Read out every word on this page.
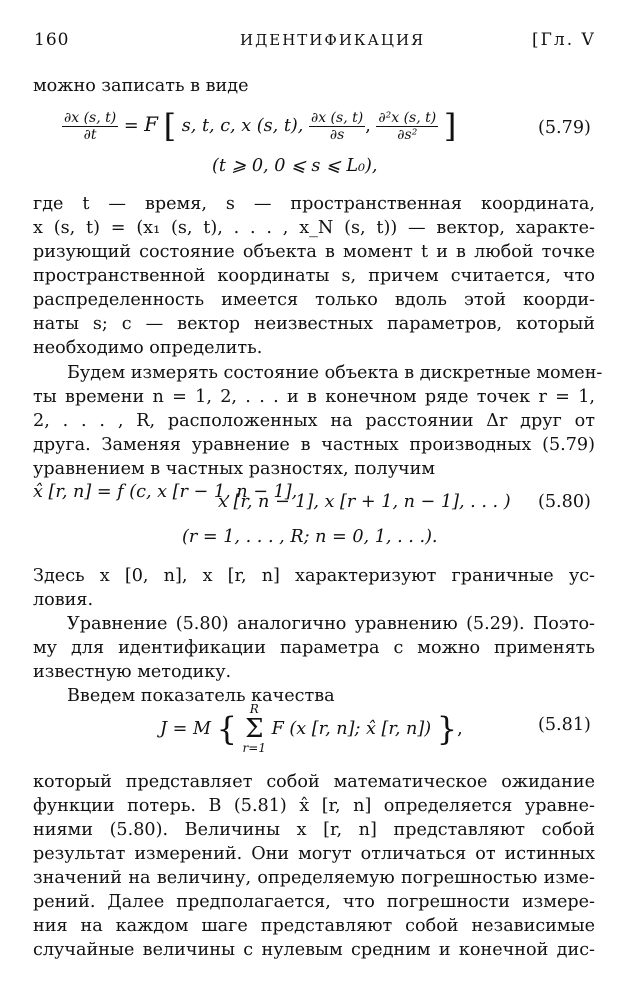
160	ИДЕНТИФИКАЦИЯ	[Гл. V
можно записать в виде
$\frac{\partial x (s, t)}{\partial t} = F$ [ s, t, c, x (s, t), $\frac{\partial x (s, t)}{\partial s}$ , $\frac{\text{∂²x (s, t)}}{\text{∂s²}}$ ]	(5.79)
(t ⩾ 0, 0 ⩽ s ⩽ L₀),
где t — время, s — пространственная координата,
x (s, t) = (x₁ (s, t), . . . , x_N (s, t)) — вектор, характе-
ризующий состояние объекта в момент t и в любой точке
пространственной координаты s, причем считается, что
распределенность имеется только вдоль этой коорди-
наты s; c — вектор неизвестных параметров, который
необходимо определить.
Будем измерять состояние объекта в дискретные момен-
ты времени n = 1, 2, . . . и в конечном ряде точек r = 1,
2, . . . , R, расположенных на расстоянии Δr друг от
друга. Заменяя уравнение в частных производных (5.79)
уравнением в частных разностях, получим
x̂ [r, n] = f (c, x [r − 1, n − 1],
x [r, n − 1], x [r + 1, n − 1], . . . ) (5.80)
(r = 1, . . . , R; n = 0, 1, . . .).
Здесь x [0, n], x [r, n] характеризуют граничные ус-
ловия.
Уравнение (5.80) аналогично уравнению (5.29). Поэто-
му для идентификации параметра c можно применять
известную методику.
Введем показатель качества
J = M { R
Σ
r=1 F (x [r, n]; x̂ [r, n]) },	(5.81)
который представляет собой математическое ожидание
функции потерь. В (5.81) x̂ [r, n] определяется уравне-
ниями (5.80). Величины x [r, n] представляют собой
результат измерений. Они могут отличаться от истинных
значений на величину, определяемую погрешностью изме-
рений. Далее предполагается, что погрешности измере-
ния на каждом шаге представляют собой независимые
случайные величины с нулевым средним и конечной дис-
